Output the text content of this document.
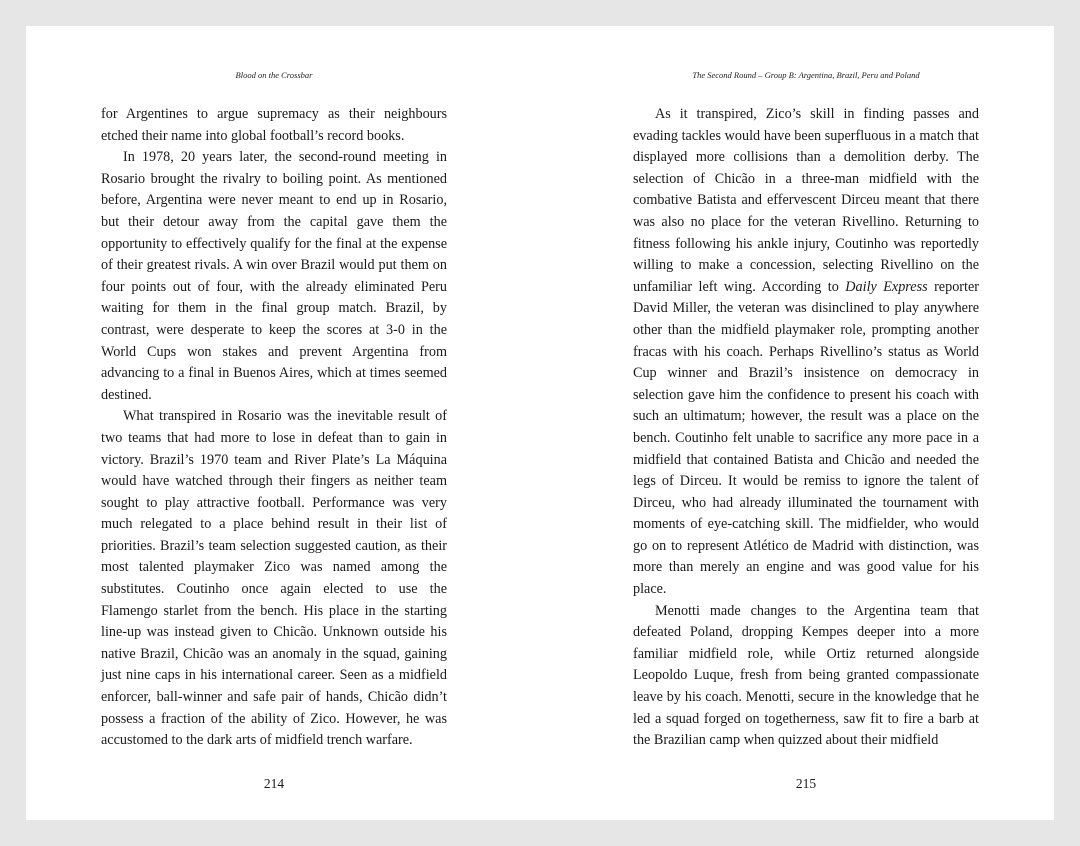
Blood on the Crossbar

for Argentines to argue supremacy as their neighbours etched their name into global football’s record books.

In 1978, 20 years later, the second-round meeting in Rosario brought the rivalry to boiling point. As mentioned before, Argentina were never meant to end up in Rosario, but their detour away from the capital gave them the opportunity to effectively qualify for the final at the expense of their greatest rivals. A win over Brazil would put them on four points out of four, with the already eliminated Peru waiting for them in the final group match. Brazil, by contrast, were desperate to keep the scores at 3-0 in the World Cups won stakes and prevent Argentina from advancing to a final in Buenos Aires, which at times seemed destined.

What transpired in Rosario was the inevitable result of two teams that had more to lose in defeat than to gain in victory. Brazil’s 1970 team and River Plate’s La Máquina would have watched through their fingers as neither team sought to play attractive football. Performance was very much relegated to a place behind result in their list of priorities. Brazil’s team selection suggested caution, as their most talented playmaker Zico was named among the substitutes. Coutinho once again elected to use the Flamengo starlet from the bench. His place in the starting line-up was instead given to Chicão. Unknown outside his native Brazil, Chicão was an anomaly in the squad, gaining just nine caps in his international career. Seen as a midfield enforcer, ball-winner and safe pair of hands, Chicão didn’t possess a fraction of the ability of Zico. However, he was accustomed to the dark arts of midfield trench warfare.

214
The Second Round – Group B: Argentina, Brazil, Peru and Poland

As it transpired, Zico’s skill in finding passes and evading tackles would have been superfluous in a match that displayed more collisions than a demolition derby. The selection of Chicão in a three-man midfield with the combative Batista and effervescent Dirceu meant that there was also no place for the veteran Rivellino. Returning to fitness following his ankle injury, Coutinho was reportedly willing to make a concession, selecting Rivellino on the unfamiliar left wing. According to Daily Express reporter David Miller, the veteran was disinclined to play anywhere other than the midfield playmaker role, prompting another fracas with his coach. Perhaps Rivellino’s status as World Cup winner and Brazil’s insistence on democracy in selection gave him the confidence to present his coach with such an ultimatum; however, the result was a place on the bench. Coutinho felt unable to sacrifice any more pace in a midfield that contained Batista and Chicão and needed the legs of Dirceu. It would be remiss to ignore the talent of Dirceu, who had already illuminated the tournament with moments of eye-catching skill. The midfielder, who would go on to represent Atlético de Madrid with distinction, was more than merely an engine and was good value for his place.

Menotti made changes to the Argentina team that defeated Poland, dropping Kempes deeper into a more familiar midfield role, while Ortiz returned alongside Leopoldo Luque, fresh from being granted compassionate leave by his coach. Menotti, secure in the knowledge that he led a squad forged on togetherness, saw fit to fire a barb at the Brazilian camp when quizzed about their midfield

215
